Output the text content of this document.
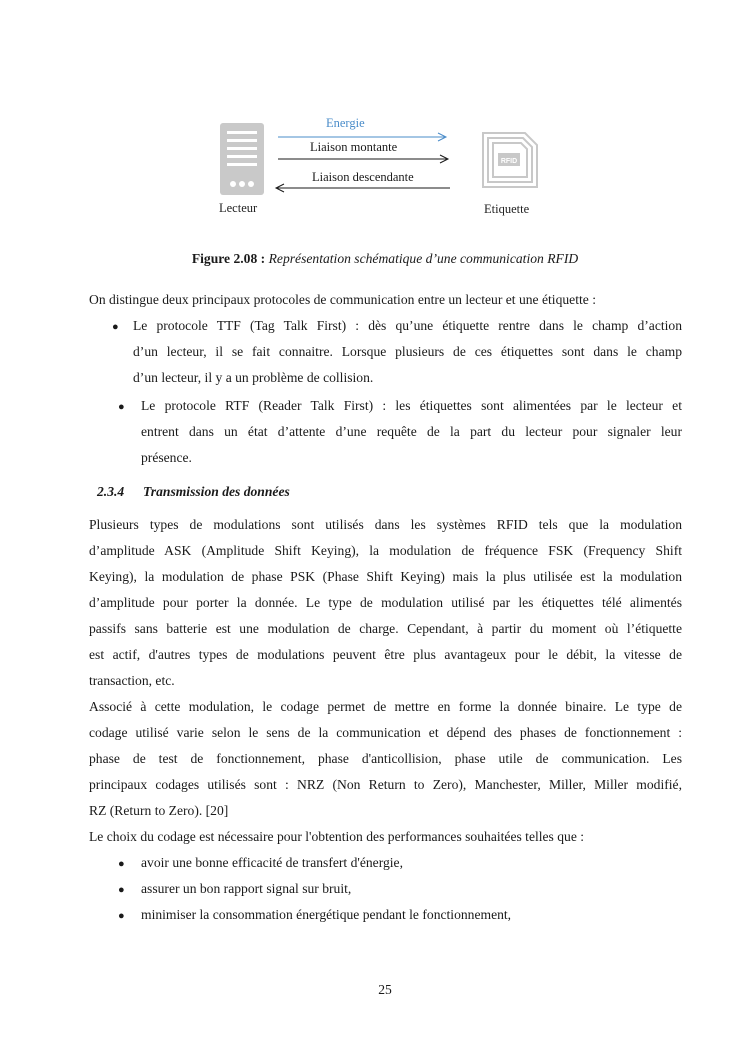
Lecteur
Energie
Liaison montante
Liaison descendante
RFID
Etiquette
Figure 2.08 : Représentation schématique d’une communication RFID
On distingue deux principaux protocoles de communication entre un lecteur et une étiquette :
● Le protocole TTF (Tag Talk First) : dès qu’une étiquette rentre dans le champ d’action
d’un lecteur, il se fait connaitre. Lorsque plusieurs de ces étiquettes sont dans le champ
d’un lecteur, il y a un problème de collision.
● Le protocole RTF (Reader Talk First) : les étiquettes sont alimentées par le lecteur et
entrent dans un état d’attente d’une requête de la part du lecteur pour signaler leur
présence.
2.3.4 Transmission des données
Plusieurs types de modulations sont utilisés dans les systèmes RFID tels que la modulation
d’amplitude ASK (Amplitude Shift Keying), la modulation de fréquence FSK (Frequency Shift
Keying), la modulation de phase PSK (Phase Shift Keying) mais la plus utilisée est la modulation
d’amplitude pour porter la donnée. Le type de modulation utilisé par les étiquettes télé alimentés
passifs sans batterie est une modulation de charge. Cependant, à partir du moment où l’étiquette
est actif, d'autres types de modulations peuvent être plus avantageux pour le débit, la vitesse de
transaction, etc.
Associé à cette modulation, le codage permet de mettre en forme la donnée binaire. Le type de
codage utilisé varie selon le sens de la communication et dépend des phases de fonctionnement :
phase de test de fonctionnement, phase d'anticollision, phase utile de communication. Les
principaux codages utilisés sont : NRZ (Non Return to Zero), Manchester, Miller, Miller modifié,
RZ (Return to Zero). [20]
Le choix du codage est nécessaire pour l'obtention des performances souhaitées telles que :
● avoir une bonne efficacité de transfert d'énergie,
● assurer un bon rapport signal sur bruit,
● minimiser la consommation énergétique pendant le fonctionnement,
25
